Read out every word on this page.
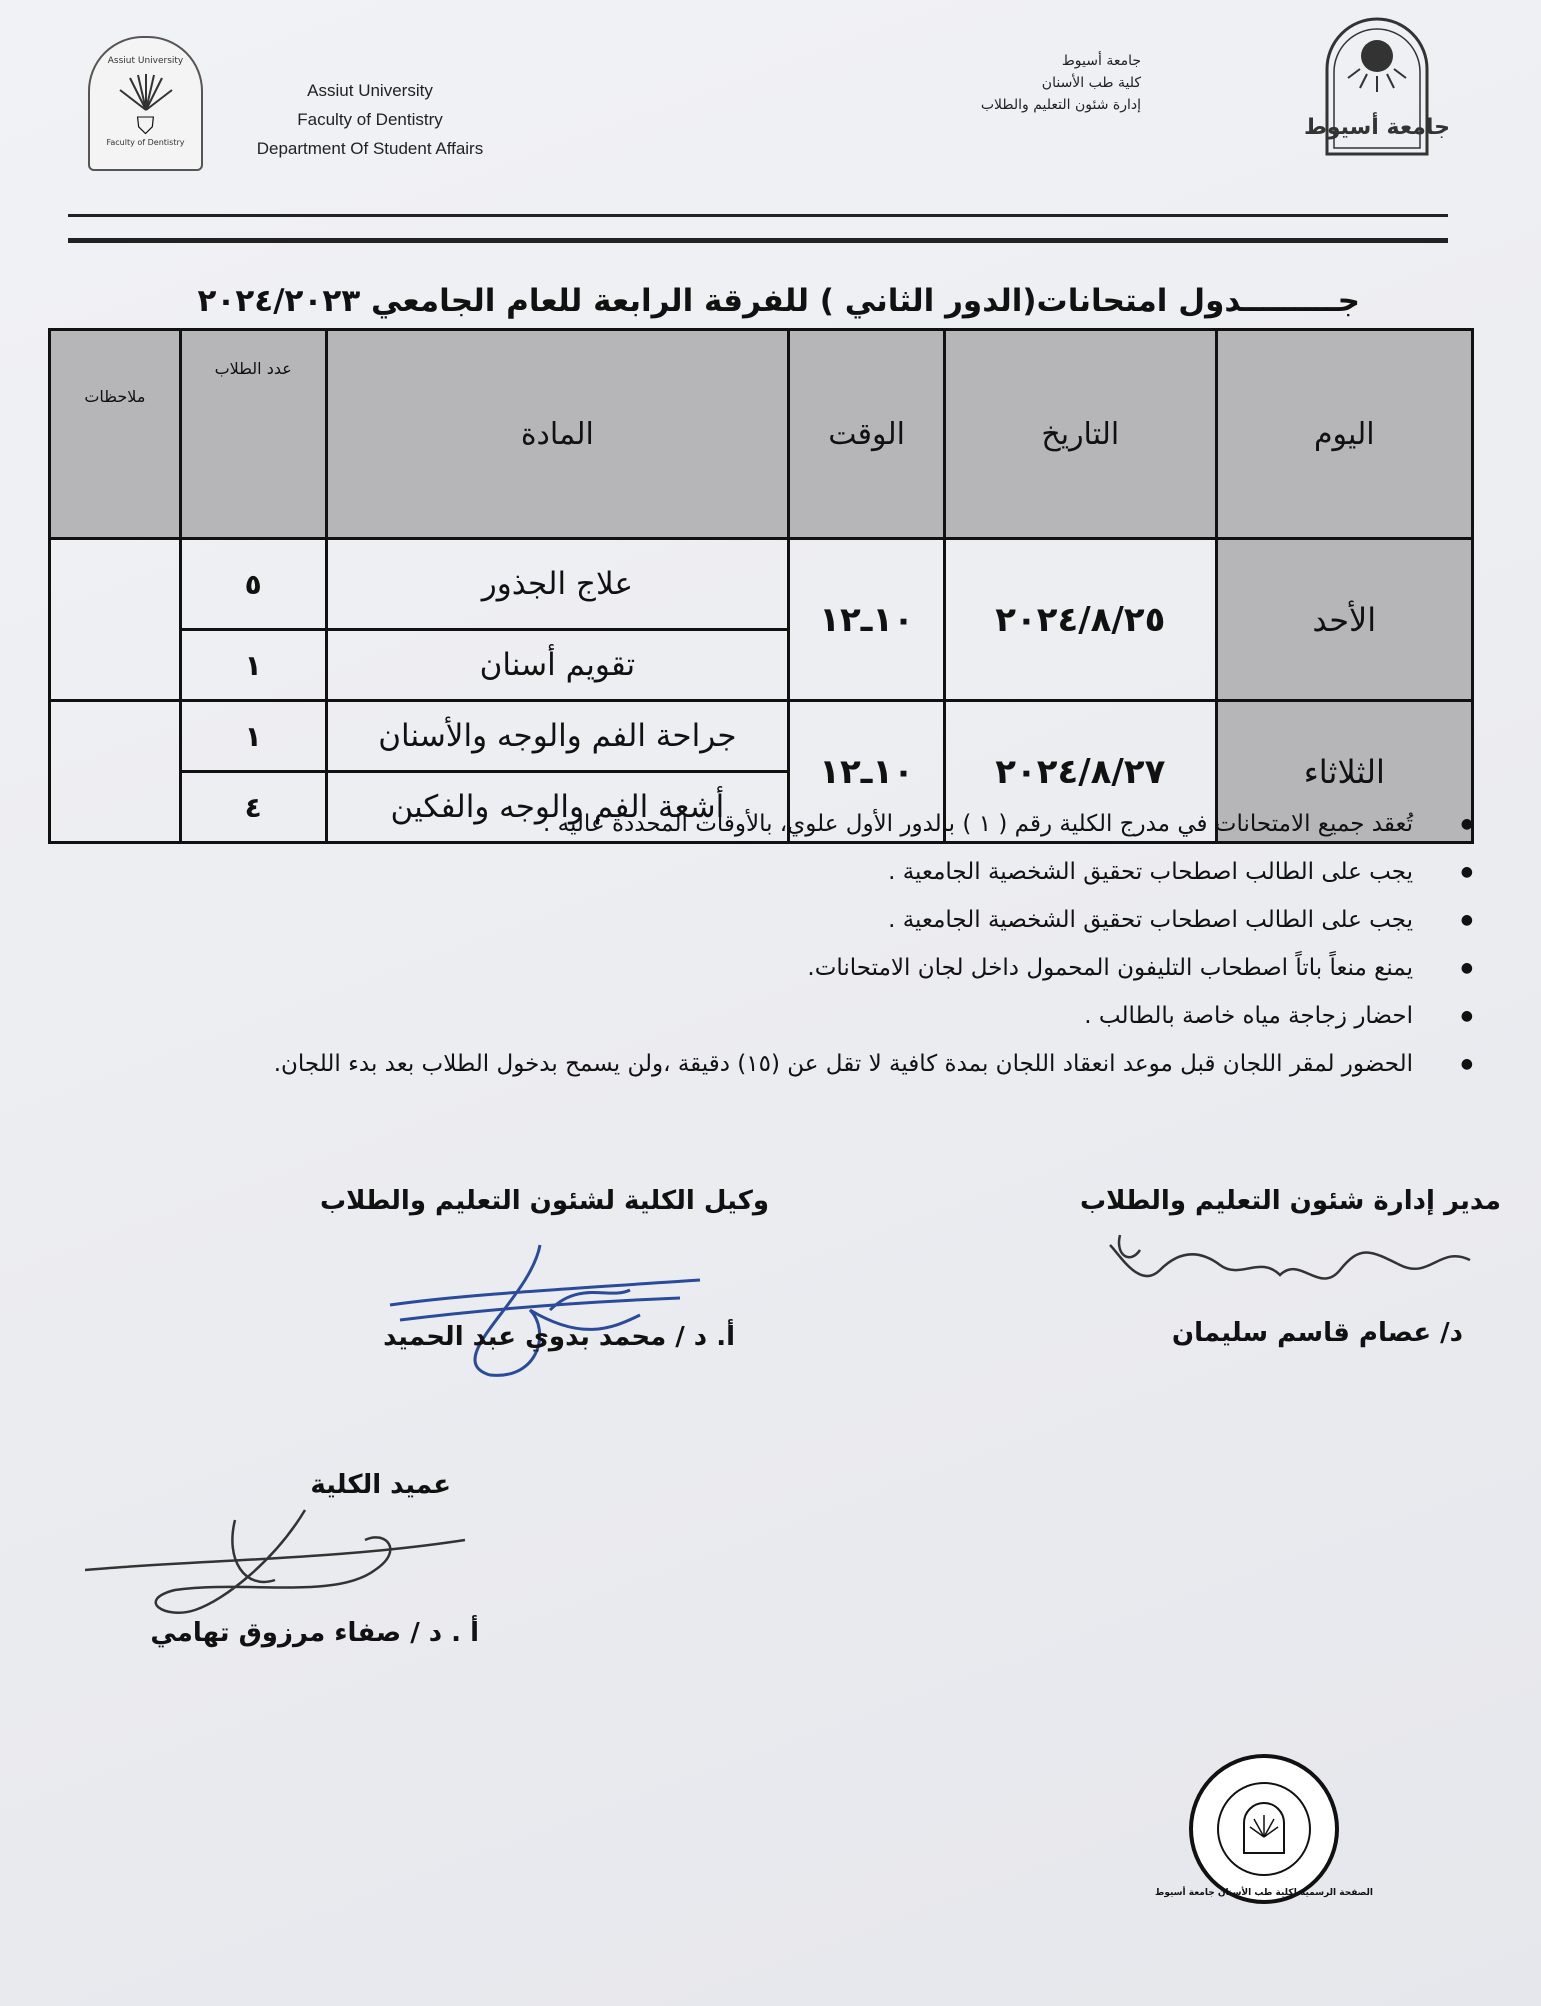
Assiut University
⛉
Faculty of Dentistry
Assiut University
Faculty of Dentistry
Department Of Student Affairs
جامعة أسيوط
كلية طب الأسنان
إدارة شئون التعليم والطلاب
جامعة أسيوط
جـــــــــدول امتحانات(الدور الثاني ) للفرقة الرابعة للعام الجامعي ٢٠٢٤/٢٠٢٣
اليوم	التاريخ	الوقت	المادة	عدد الطلاب	ملاحظات
الأحد	٢٠٢٤/٨/٢٥	١٠ـ١٢	علاج الجذور	٥	
			تقويم أسنان	١	
الثلاثاء	٢٠٢٤/٨/٢٧	١٠ـ١٢	جراحة الفم والوجه والأسنان	١	
			أشعة الفم والوجه والفكين	٤	
● تُعقد جميع الامتحانات في مدرج الكلية رقم ( ١ ) بالدور الأول علوي، بالأوقات المحددة عاليه .
● يجب على الطالب اصطحاب تحقيق الشخصية الجامعية .
● يجب على الطالب اصطحاب تحقيق الشخصية الجامعية .
● يمنع منعاً باتاً اصطحاب التليفون المحمول داخل لجان الامتحانات.
● احضار زجاجة مياه خاصة بالطالب .
● الحضور لمقر اللجان قبل موعد انعقاد اللجان بمدة كافية لا تقل عن (١٥) دقيقة ،ولن يسمح بدخول الطلاب بعد بدء اللجان.
مدير إدارة شئون التعليم والطلاب
د/ عصام قاسم سليمان
وكيل الكلية لشئون التعليم والطلاب
أ. د / محمد بدوي عبد الحميد
عميد الكلية
أ . د / صفاء مرزوق تهامي
الصفحة الرسمية لكلية طب الأسنان جامعة أسيوط
